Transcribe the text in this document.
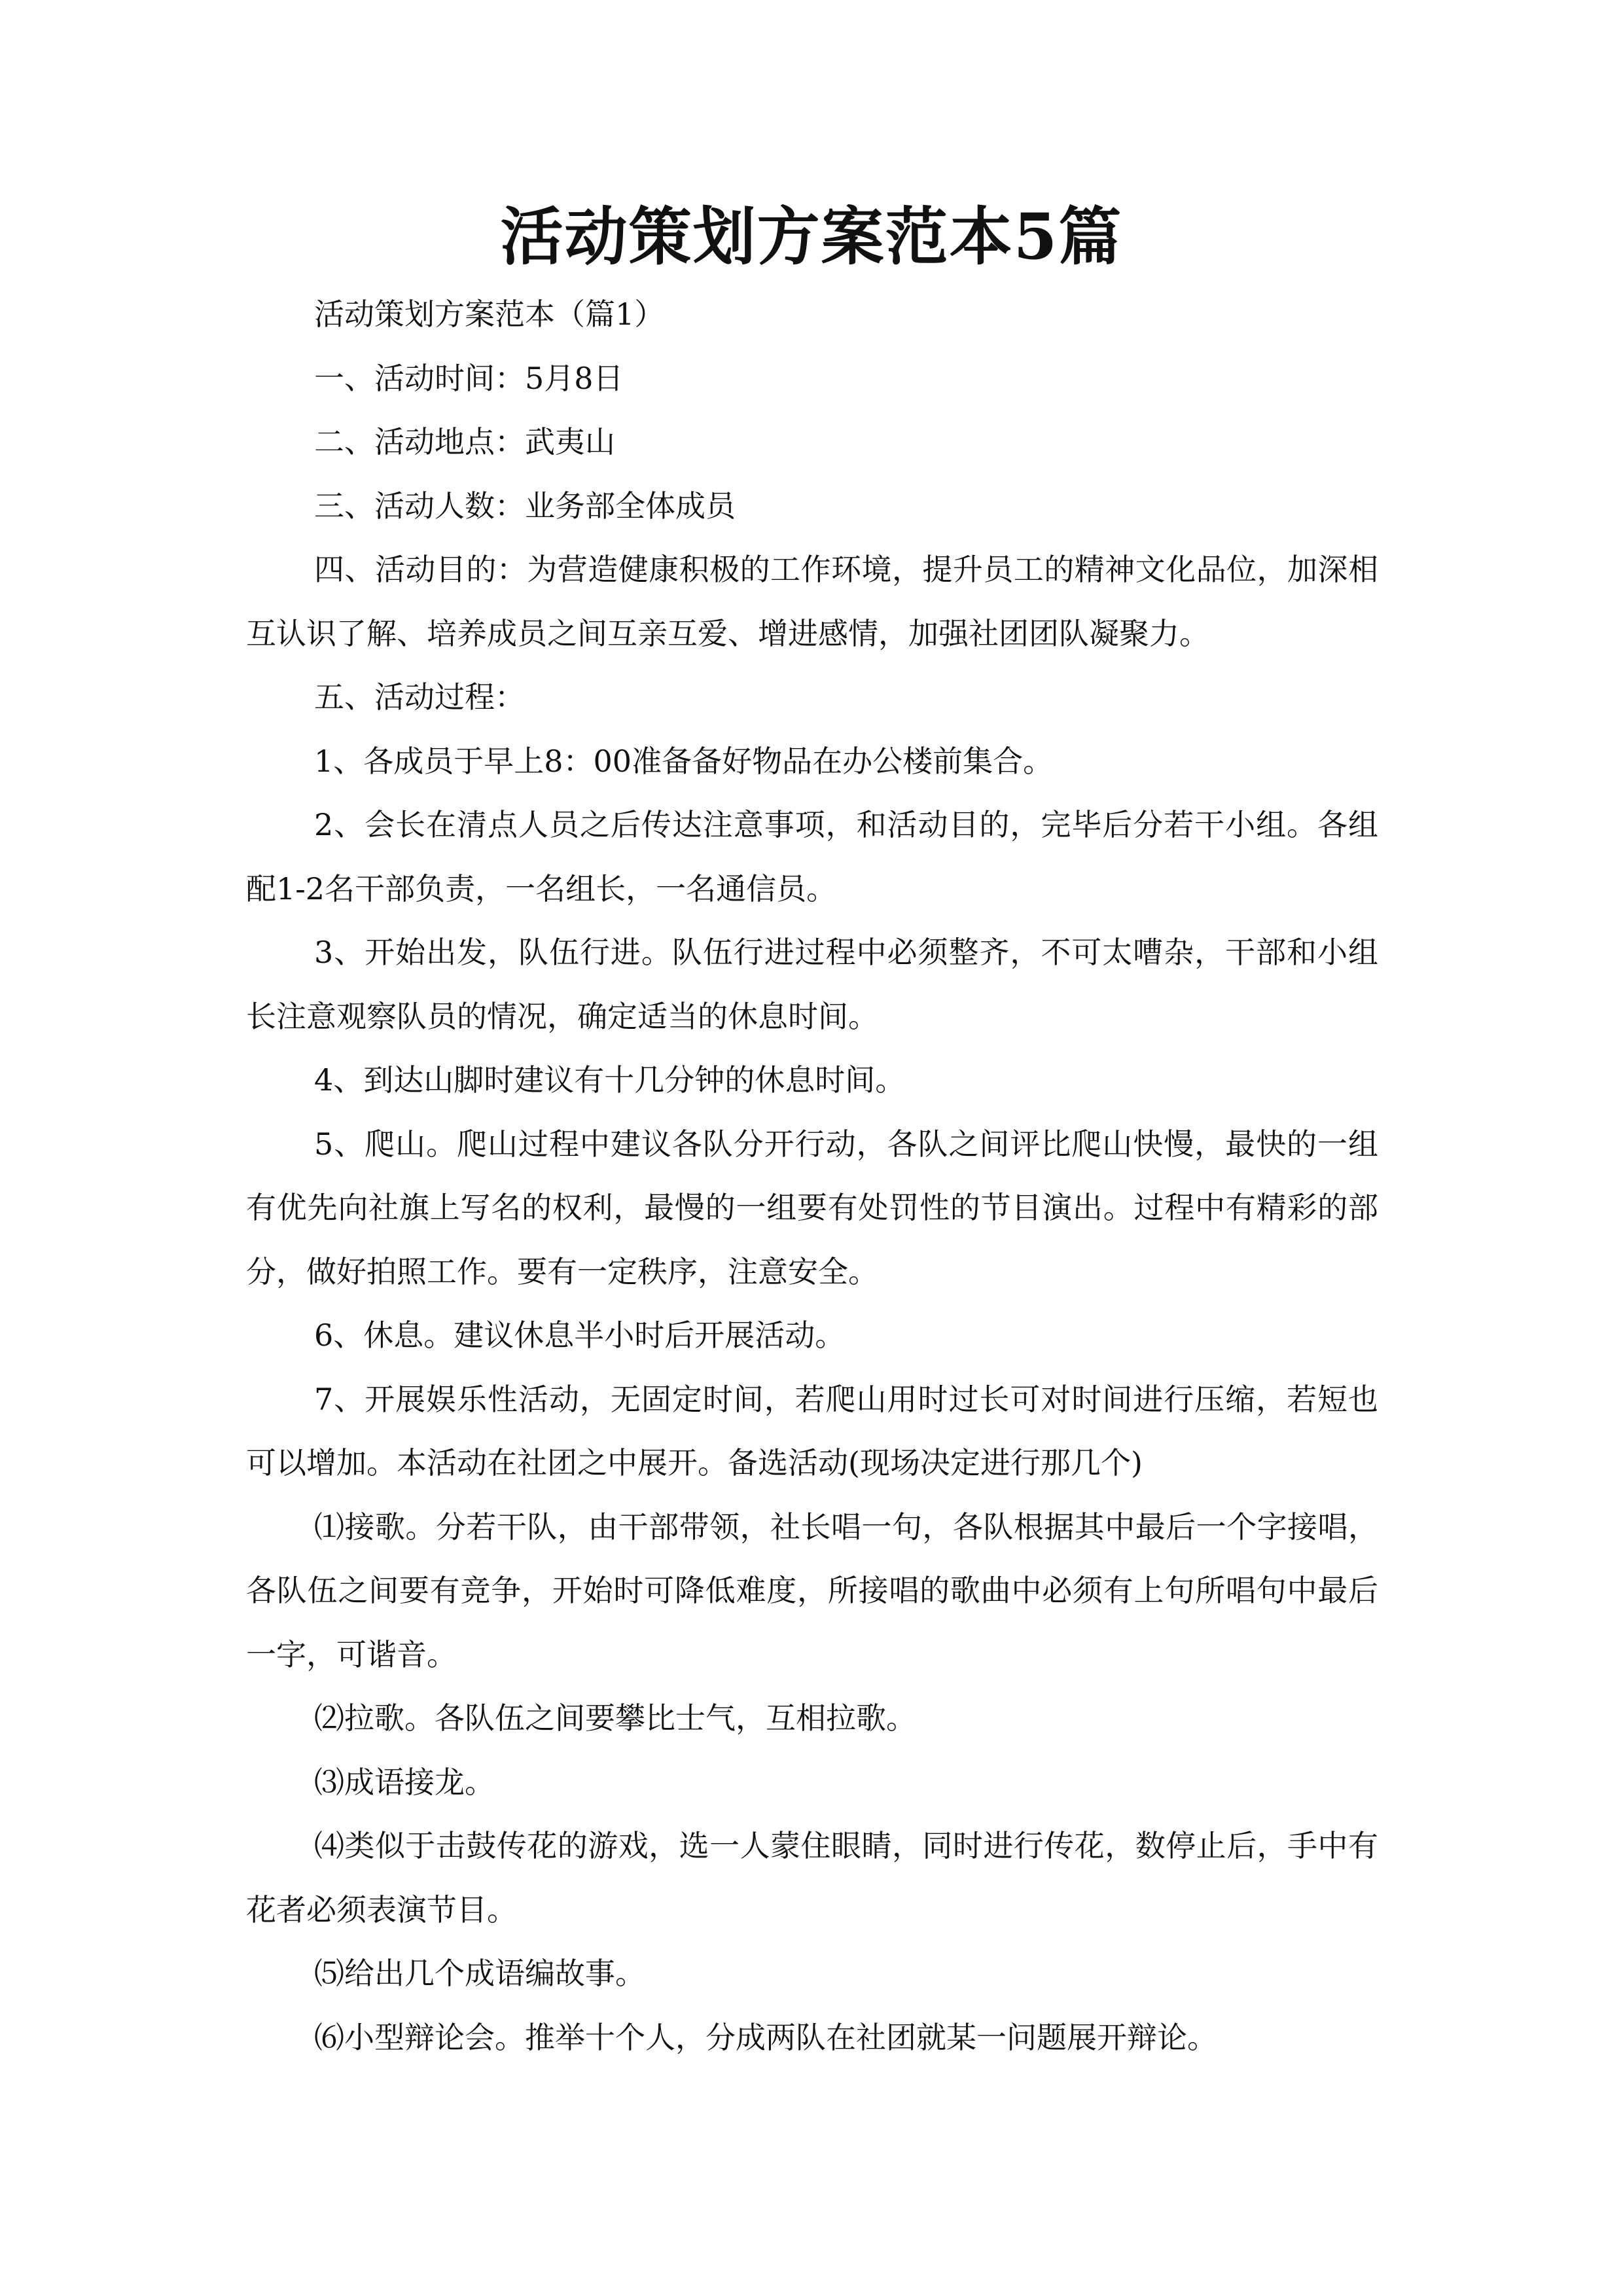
活动策划方案范本5篇

活动策划方案范本（篇1）

一、活动时间：5月8日

二、活动地点：武夷山

三、活动人数：业务部全体成员

四、活动目的：为营造健康积极的工作环境，提升员工的精神文化品位，加深相互认识了解、培养成员之间互亲互爱、增进感情，加强社团团队凝聚力。

五、活动过程：

1、各成员于早上8：00准备备好物品在办公楼前集合。

2、会长在清点人员之后传达注意事项，和活动目的，完毕后分若干小组。各组配1-2名干部负责，一名组长，一名通信员。

3、开始出发，队伍行进。队伍行进过程中必须整齐，不可太嘈杂，干部和小组长注意观察队员的情况，确定适当的休息时间。

4、到达山脚时建议有十几分钟的休息时间。

5、爬山。爬山过程中建议各队分开行动，各队之间评比爬山快慢，最快的一组有优先向社旗上写名的权利，最慢的一组要有处罚性的节目演出。过程中有精彩的部分，做好拍照工作。要有一定秩序，注意安全。

6、休息。建议休息半小时后开展活动。

7、开展娱乐性活动，无固定时间，若爬山用时过长可对时间进行压缩，若短也可以增加。本活动在社团之中展开。备选活动(现场决定进行那几个)

⑴接歌。分若干队，由干部带领，社长唱一句，各队根据其中最后一个字接唱，各队伍之间要有竞争，开始时可降低难度，所接唱的歌曲中必须有上句所唱句中最后一字，可谐音。

⑵拉歌。各队伍之间要攀比士气，互相拉歌。

⑶成语接龙。

⑷类似于击鼓传花的游戏，选一人蒙住眼睛，同时进行传花，数停止后，手中有花者必须表演节目。

⑸给出几个成语编故事。

⑹小型辩论会。推举十个人，分成两队在社团就某一问题展开辩论。
